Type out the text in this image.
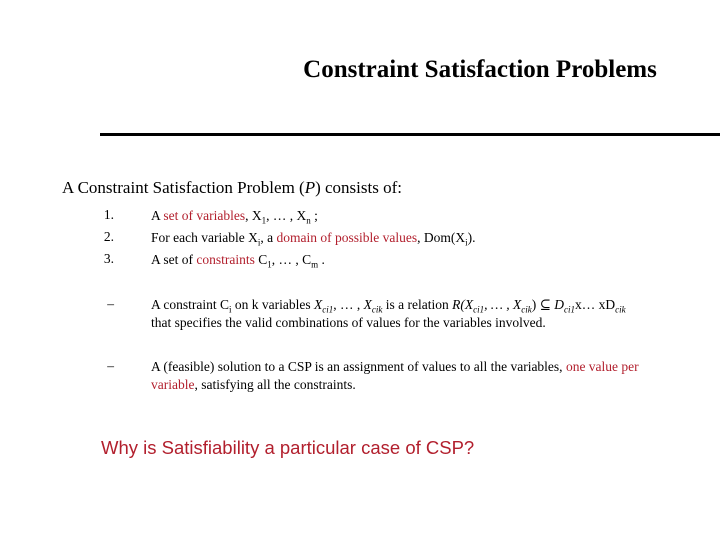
Constraint Satisfaction Problems
A Constraint Satisfaction Problem (P) consists of:
1.	A set of variables, $X_1$, … , $X_n$ ;
2.	For each variable $X_i$, a domain of possible values, $Dom(X_i)$.
3.	A set of constraints $C_1$, … , $C_m$ .
–	A constraint $C_i$ on k variables $X_{ci1}$, … , $X_{cik}$ is a relation $R(X_{ci1}$, … , $X_{cik}$) ⊆ $D_{ci1}x\dots$ $xD_{cik}$ that specifies the valid combinations of values for the variables involved.
–	A (feasible) solution to a CSP is an assignment of values to all the variables, one value per variable, satisfying all the constraints.
Why is Satisfiability a particular case of CSP?
